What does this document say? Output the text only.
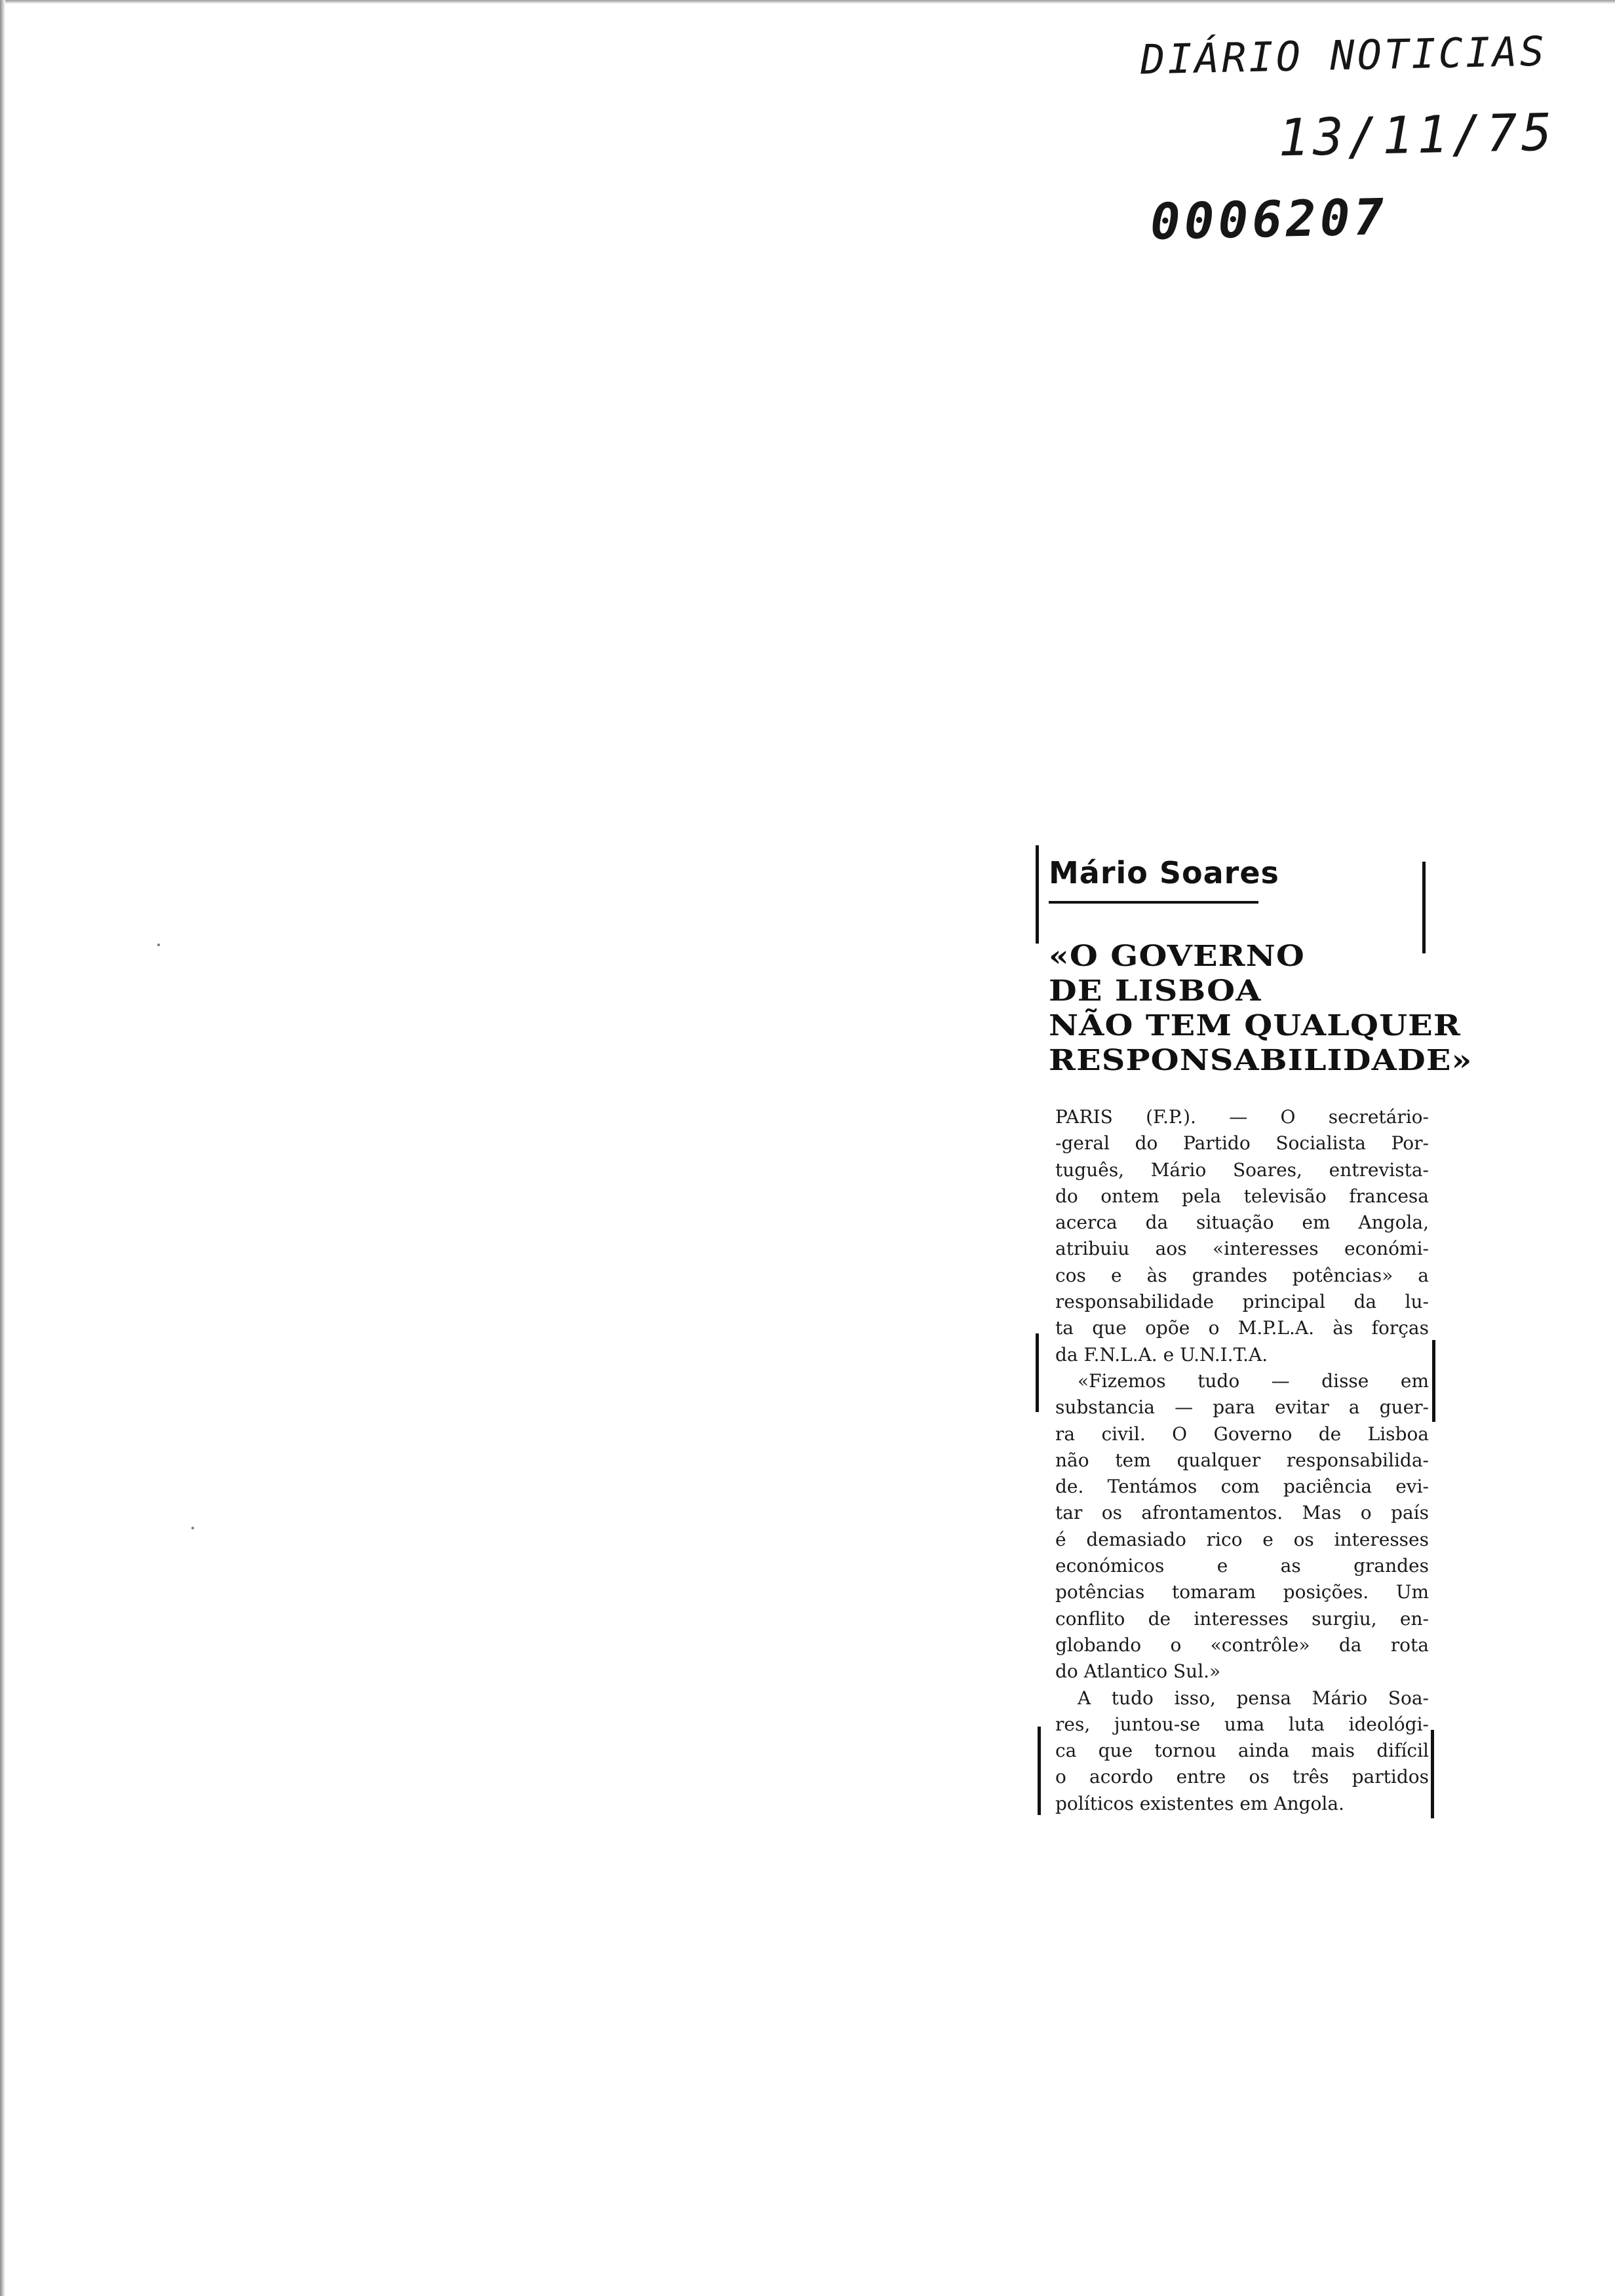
DIÁRIO NOTICIAS
13/11/75
0006207
Mário Soares
«O GOVERNO
DE LISBOA
NÃO TEM QUALQUER
RESPONSABILIDADE»
PARIS (F.P.). — O secretário-
-geral do Partido Socialista Por-
tuguês, Mário Soares, entrevista-
do ontem pela televisão francesa
acerca da situação em Angola,
atribuiu aos «interesses económi-
cos e às grandes potências» a
responsabilidade principal da lu-
ta que opõe o M.P.L.A. às forças
da F.N.L.A. e U.N.I.T.A.
«Fizemos tudo — disse em
substancia — para evitar a guer-
ra civil. O Governo de Lisboa
não tem qualquer responsabilida-
de. Tentámos com paciência evi-
tar os afrontamentos. Mas o país
é demasiado rico e os interesses
económicos e as grandes
potências tomaram posições. Um
conflito de interesses surgiu, en-
globando o «contrôle» da rota
do Atlantico Sul.»
A tudo isso, pensa Mário Soa-
res, juntou-se uma luta ideológi-
ca que tornou ainda mais difícil
o acordo entre os três partidos
políticos existentes em Angola.
